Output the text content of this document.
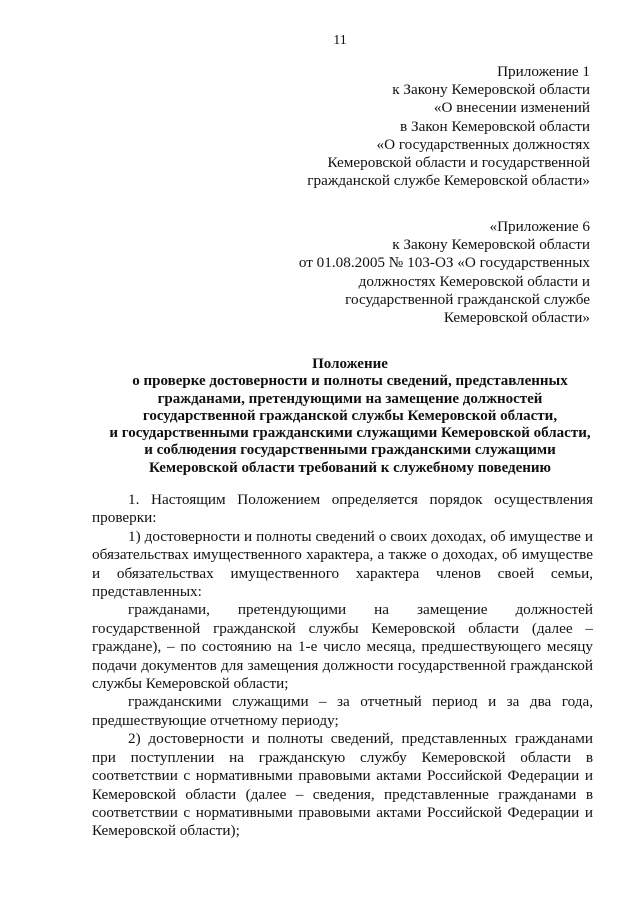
11
Приложение 1
к Закону Кемеровской области
«О внесении изменений
в Закон Кемеровской области
«О государственных должностях
Кемеровской области и государственной
гражданской службе Кемеровской области»
«Приложение 6
к Закону Кемеровской области
от 01.08.2005 № 103-ОЗ «О государственных
должностях Кемеровской области и
государственной гражданской службе
Кемеровской области»
Положение
о проверке достоверности и полноты сведений, представленных
гражданами, претендующими на замещение должностей
государственной гражданской службы Кемеровской области,
и государственными гражданскими служащими Кемеровской области,
и соблюдения государственными гражданскими служащими
Кемеровской области требований к служебному поведению

1. Настоящим Положением определяется порядок осуществления проверки:

1) достоверности и полноты сведений о своих доходах, об имуществе и обязательствах имущественного характера, а также о доходах, об имуществе и обязательствах имущественного характера членов своей семьи, представленных:

гражданами, претендующими на замещение должностей государственной гражданской службы Кемеровской области (далее – граждане), – по состоянию на 1-е число месяца, предшествующего месяцу подачи документов для замещения должности государственной гражданской службы Кемеровской области;

гражданскими служащими – за отчетный период и за два года, предшествующие отчетному периоду;

2) достоверности и полноты сведений, представленных гражданами при поступлении на гражданскую службу Кемеровской области в соответствии с нормативными правовыми актами Российской Федерации и Кемеровской области (далее – сведения, представленные гражданами в соответствии с нормативными правовыми актами Российской Федерации и Кемеровской области);
